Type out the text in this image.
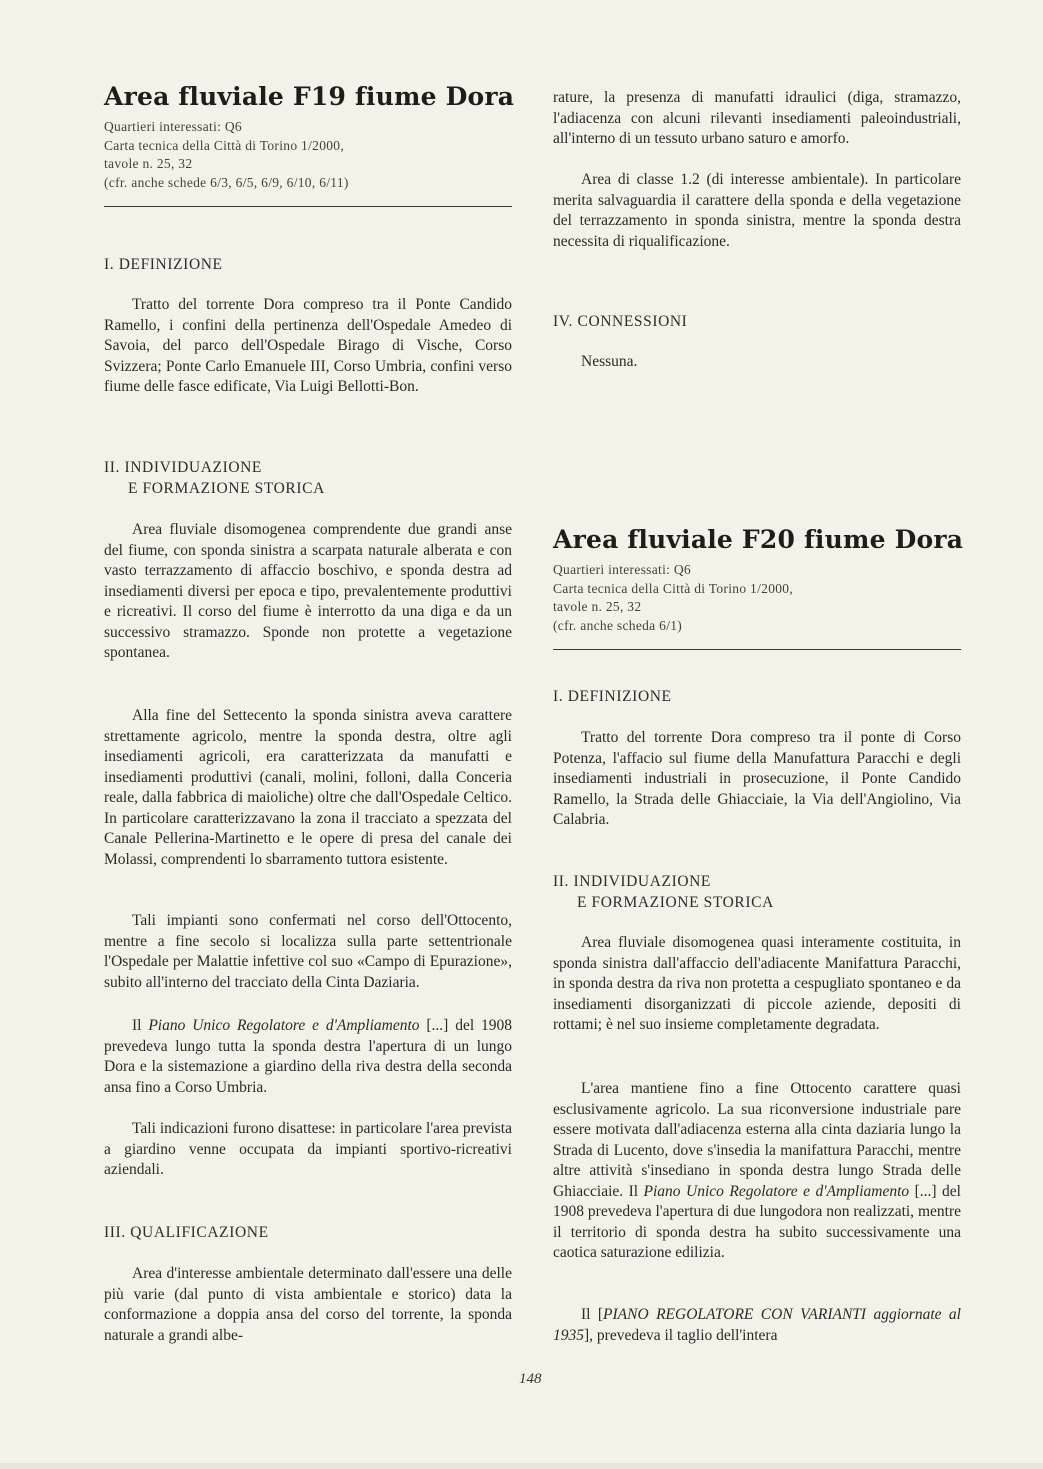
Area fluviale F19 fiume Dora
Quartieri interessati: Q6
Carta tecnica della Città di Torino 1/2000,
tavole n. 25, 32
(cfr. anche schede 6/3, 6/5, 6/9, 6/10, 6/11)
I. DEFINIZIONE

Tratto del torrente Dora compreso tra il Ponte Candido Ramello, i confini della pertinenza dell'Ospedale Amedeo di Savoia, del parco dell'Ospedale Birago di Vische, Corso Svizzera; Ponte Carlo Emanuele III, Corso Umbria, confini verso fiume delle fasce edificate, Via Luigi Bellotti-Bon.

II. INDIVIDUAZIONE
E FORMAZIONE STORICA

Area fluviale disomogenea comprendente due grandi anse del fiume, con sponda sinistra a scarpata naturale alberata e con vasto terrazzamento di affaccio boschivo, e sponda destra ad insediamenti diversi per epoca e tipo, prevalentemente produttivi e ricreativi. Il corso del fiume è interrotto da una diga e da un successivo stramazzo. Sponde non protette a vegetazione spontanea.

Alla fine del Settecento la sponda sinistra aveva carattere strettamente agricolo, mentre la sponda destra, oltre agli insediamenti agricoli, era caratterizzata da manufatti e insediamenti produttivi (canali, molini, folloni, dalla Conceria reale, dalla fabbrica di maioliche) oltre che dall'Ospedale Celtico. In particolare caratterizzavano la zona il tracciato a spezzata del Canale Pellerina-Martinetto e le opere di presa del canale dei Molassi, comprendenti lo sbarramento tuttora esistente.

Tali impianti sono confermati nel corso dell'Ottocento, mentre a fine secolo si localizza sulla parte settentrionale l'Ospedale per Malattie infettive col suo «Campo di Epurazione», subito all'interno del tracciato della Cinta Daziaria.

Il Piano Unico Regolatore e d'Ampliamento [...] del 1908 prevedeva lungo tutta la sponda destra l'apertura di un lungo Dora e la sistemazione a giardino della riva destra della seconda ansa fino a Corso Umbria.

Tali indicazioni furono disattese: in particolare l'area prevista a giardino venne occupata da impianti sportivo-ricreativi aziendali.

III. QUALIFICAZIONE

Area d'interesse ambientale determinato dall'essere una delle più varie (dal punto di vista ambientale e storico) data la conformazione a doppia ansa del corso del torrente, la sponda naturale a grandi albe-

rature, la presenza di manufatti idraulici (diga, stramazzo, l'adiacenza con alcuni rilevanti insediamenti paleoindustriali, all'interno di un tessuto urbano saturo e amorfo.

Area di classe 1.2 (di interesse ambientale). In particolare merita salvaguardia il carattere della sponda e della vegetazione del terrazzamento in sponda sinistra, mentre la sponda destra necessita di riqualificazione.

IV. CONNESSIONI

Nessuna.

Area fluviale F20 fiume Dora
Quartieri interessati: Q6
Carta tecnica della Città di Torino 1/2000,
tavole n. 25, 32
(cfr. anche scheda 6/1)
I. DEFINIZIONE

Tratto del torrente Dora compreso tra il ponte di Corso Potenza, l'affacio sul fiume della Manufattura Paracchi e degli insediamenti industriali in prosecuzione, il Ponte Candido Ramello, la Strada delle Ghiacciaie, la Via dell'Angiolino, Via Calabria.

II. INDIVIDUAZIONE
E FORMAZIONE STORICA

Area fluviale disomogenea quasi interamente costituita, in sponda sinistra dall'affaccio dell'adiacente Manifattura Paracchi, in sponda destra da riva non protetta a cespugliato spontaneo e da insediamenti disorganizzati di piccole aziende, depositi di rottami; è nel suo insieme completamente degradata.

L'area mantiene fino a fine Ottocento carattere quasi esclusivamente agricolo. La sua riconversione industriale pare essere motivata dall'adiacenza esterna alla cinta daziaria lungo la Strada di Lucento, dove s'insedia la manifattura Paracchi, mentre altre attività s'insediano in sponda destra lungo Strada delle Ghiacciaie. Il Piano Unico Regolatore e d'Ampliamento [...] del 1908 prevedeva l'apertura di due lungodora non realizzati, mentre il territorio di sponda destra ha subito successivamente una caotica saturazione edilizia.

Il [PIANO REGOLATORE CON VARIANTI aggiornate al 1935], prevedeva il taglio dell'intera

148
